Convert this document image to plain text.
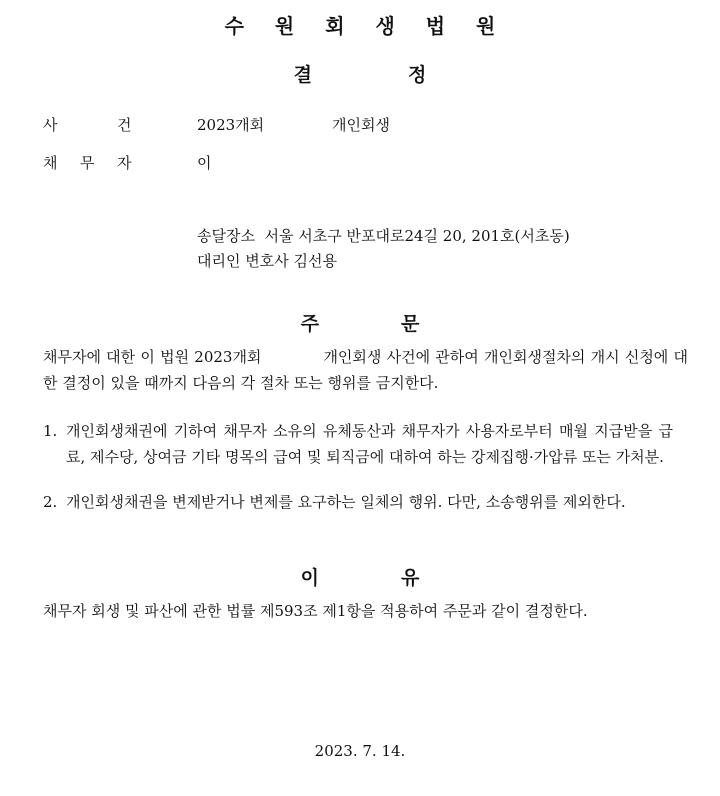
수 원 회 생 법 원
결	정
사	건	2023개회	개인회생
채 무 자	이
송달장소  서울 서초구 반포대로24길 20, 201호(서초동)
대리인 변호사 김선용
주	문
채무자에 대한 이 법원 2023개회	개인회생 사건에 관하여 개인회생절차의 개시 신청에 대한 결정이 있을 때까지 다음의 각 절차 또는 행위를 금지한다.
1. 개인회생채권에 기하여 채무자 소유의 유체동산과 채무자가 사용자로부터 매월 지급받을 급료, 제수당, 상여금 기타 명목의 급여 및 퇴직금에 대하여 하는 강제집행·가압류 또는 가처분.
2. 개인회생채권을 변제받거나 변제를 요구하는 일체의 행위. 다만, 소송행위를 제외한다.
이	유
채무자 회생 및 파산에 관한 법률 제593조 제1항을 적용하여 주문과 같이 결정한다.
2023. 7. 14.
